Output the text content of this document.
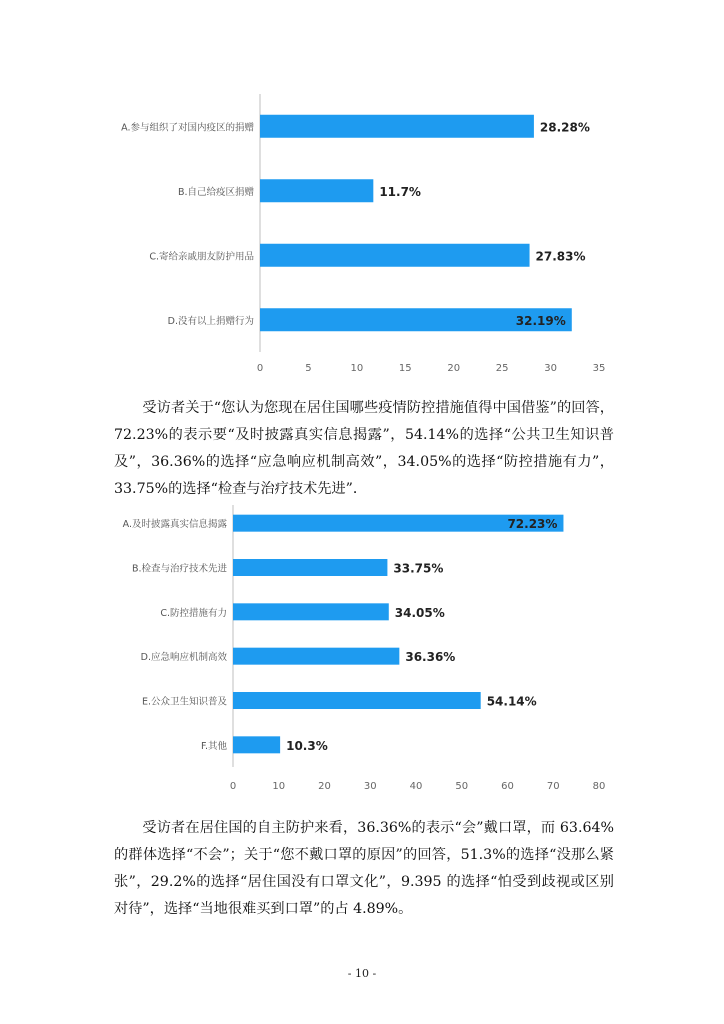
A.参与组织了对国内疫区的捐赠	28.28%
B.自己给疫区捐赠	11.7%
C.寄给亲戚朋友防护用品	27.83%
D.没有以上捐赠行为	32.19%
0	5	10	15	20	25	30	35

受访者关于“您认为您现在居住国哪些疫情防控措施值得中国借鉴”的回答，72.23%的表示要“及时披露真实信息揭露”，54.14%的选择“公共卫生知识普及”，36.36%的选择“应急响应机制高效”，34.05%的选择“防控措施有力”，33.75%的选择“检查与治疗技术先进”．

A.及时披露真实信息揭露	72.23%
B.检查与治疗技术先进	33.75%
C.防控措施有力	34.05%
D.应急响应机制高效	36.36%
E.公众卫生知识普及	54.14%
F.其他	10.3%
0	10	20	30	40	50	60	70	80

受访者在居住国的自主防护来看，36.36%的表示“会”戴口罩，而 63.64%的群体选择“不会”；关于“您不戴口罩的原因”的回答，51.3%的选择“没那么紧张”，29.2%的选择“居住国没有口罩文化”，9.395 的选择“怕受到歧视或区别对待”，选择“当地很难买到口罩”的占 4.89%。

- 10 -
